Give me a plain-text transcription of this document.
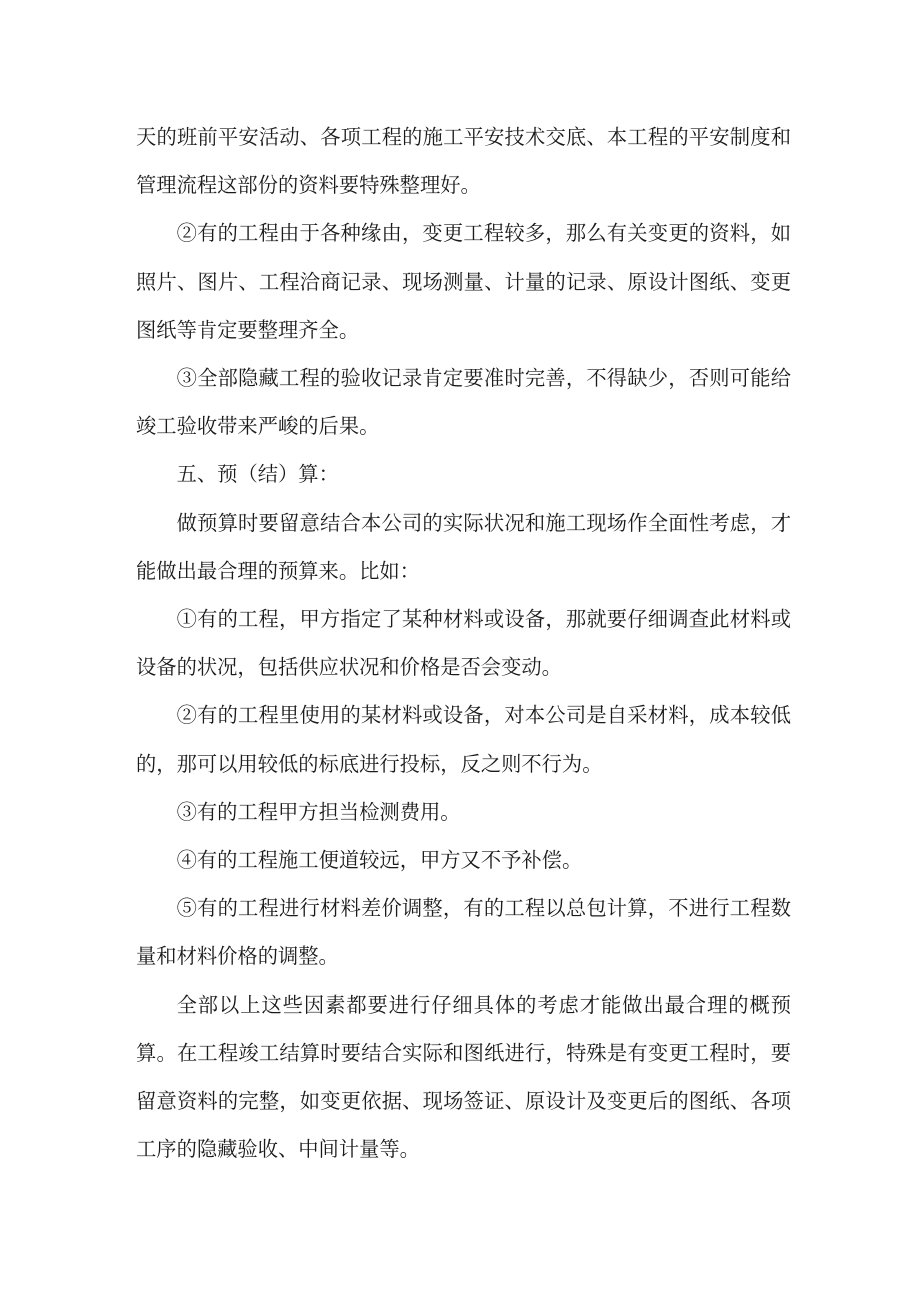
天的班前平安活动、各项工程的施工平安技术交底、本工程的平安制度和管理流程这部份的资料要特殊整理好。

②有的工程由于各种缘由，变更工程较多，那么有关变更的资料，如照片、图片、工程洽商记录、现场测量、计量的记录、原设计图纸、变更图纸等肯定要整理齐全。

③全部隐藏工程的验收记录肯定要准时完善，不得缺少，否则可能给竣工验收带来严峻的后果。

五、预（结）算：

做预算时要留意结合本公司的实际状况和施工现场作全面性考虑，才能做出最合理的预算来。比如：

①有的工程，甲方指定了某种材料或设备，那就要仔细调查此材料或设备的状况，包括供应状况和价格是否会变动。

②有的工程里使用的某材料或设备，对本公司是自采材料，成本较低的，那可以用较低的标底进行投标，反之则不行为。

③有的工程甲方担当检测费用。

④有的工程施工便道较远，甲方又不予补偿。

⑤有的工程进行材料差价调整，有的工程以总包计算，不进行工程数量和材料价格的调整。

全部以上这些因素都要进行仔细具体的考虑才能做出最合理的概预算。在工程竣工结算时要结合实际和图纸进行，特殊是有变更工程时，要留意资料的完整，如变更依据、现场签证、原设计及变更后的图纸、各项工序的隐藏验收、中间计量等。
